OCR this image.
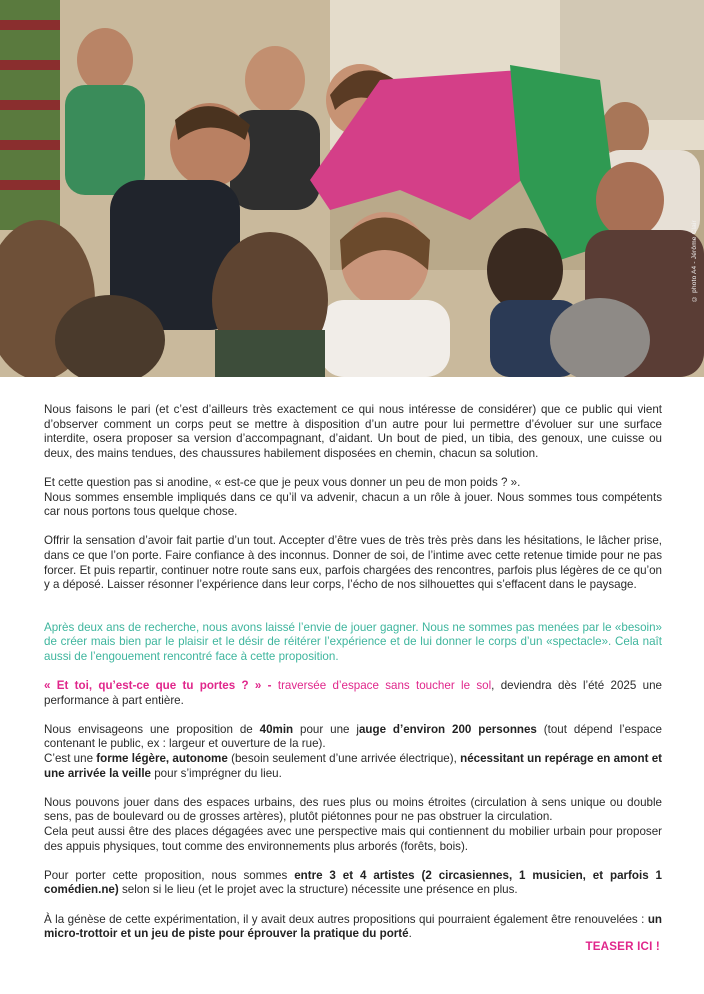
© photo A4 - Jérôme Clair

Nous faisons le pari (et c’est d’ailleurs très exactement ce qui nous intéresse de considérer) que ce public qui vient d’observer comment un corps peut se mettre à disposition d’un autre pour lui permettre d’évoluer sur une surface interdite, osera proposer sa version d’accompagnant, d’aidant. Un bout de pied, un tibia, des genoux, une cuisse ou deux, des mains tendues, des chaussures habilement disposées en chemin, chacun sa solution.

Et cette question pas si anodine, « est-ce que je peux vous donner un peu de mon poids ? ».
Nous sommes ensemble impliqués dans ce qu’il va advenir, chacun a un rôle à jouer. Nous sommes tous compétents car nous portons tous quelque chose.

Offrir la sensation d’avoir fait partie d’un tout. Accepter d’être vues de très très près dans les hésitations, le lâcher prise, dans ce que l’on porte. Faire confiance à des inconnus. Donner de soi, de l’intime avec cette retenue timide pour ne pas forcer. Et puis repartir, continuer notre route sans eux, parfois chargées des rencontres, parfois plus légères de ce qu’on y a déposé. Laisser résonner l’expérience dans leur corps, l’écho de nos silhouettes qui s’effacent dans le paysage.

Après deux ans de recherche, nous avons laissé l’envie de jouer gagner. Nous ne sommes pas menées par le «besoin» de créer mais bien par le plaisir et le désir de réitérer l’expérience et de lui donner le corps d’un «spectacle». Cela naît aussi de l’engouement rencontré face à cette proposition.

« Et toi, qu’est-ce que tu portes ? » - traversée d’espace sans toucher le sol, deviendra dès l’été 2025 une performance à part entière.

Nous envisageons une proposition de 40min pour une jauge d’environ 200 personnes (tout dépend l’espace contenant le public, ex : largeur et ouverture de la rue).
C’est une forme légère, autonome (besoin seulement d’une arrivée électrique), nécessitant un repérage en amont et une arrivée la veille pour s’imprégner du lieu.

Nous pouvons jouer dans des espaces urbains, des rues plus ou moins étroites (circulation à sens unique ou double sens, pas de boulevard ou de grosses artères), plutôt piétonnes pour ne pas obstruer la circulation.
Cela peut aussi être des places dégagées avec une perspective mais qui contiennent du mobilier urbain pour proposer des appuis physiques, tout comme des environnements plus arborés (forêts, bois).

Pour porter cette proposition, nous sommes entre 3 et 4 artistes (2 circasiennes, 1 musicien, et parfois 1 comédien.ne) selon si le lieu (et le projet avec la structure) nécessite une présence en plus.

À la génèse de cette expérimentation, il y avait deux autres propositions qui pourraient également être renouvelées : un micro-trottoir et un jeu de piste pour éprouver la pratique du porté.

TEASER ICI !
